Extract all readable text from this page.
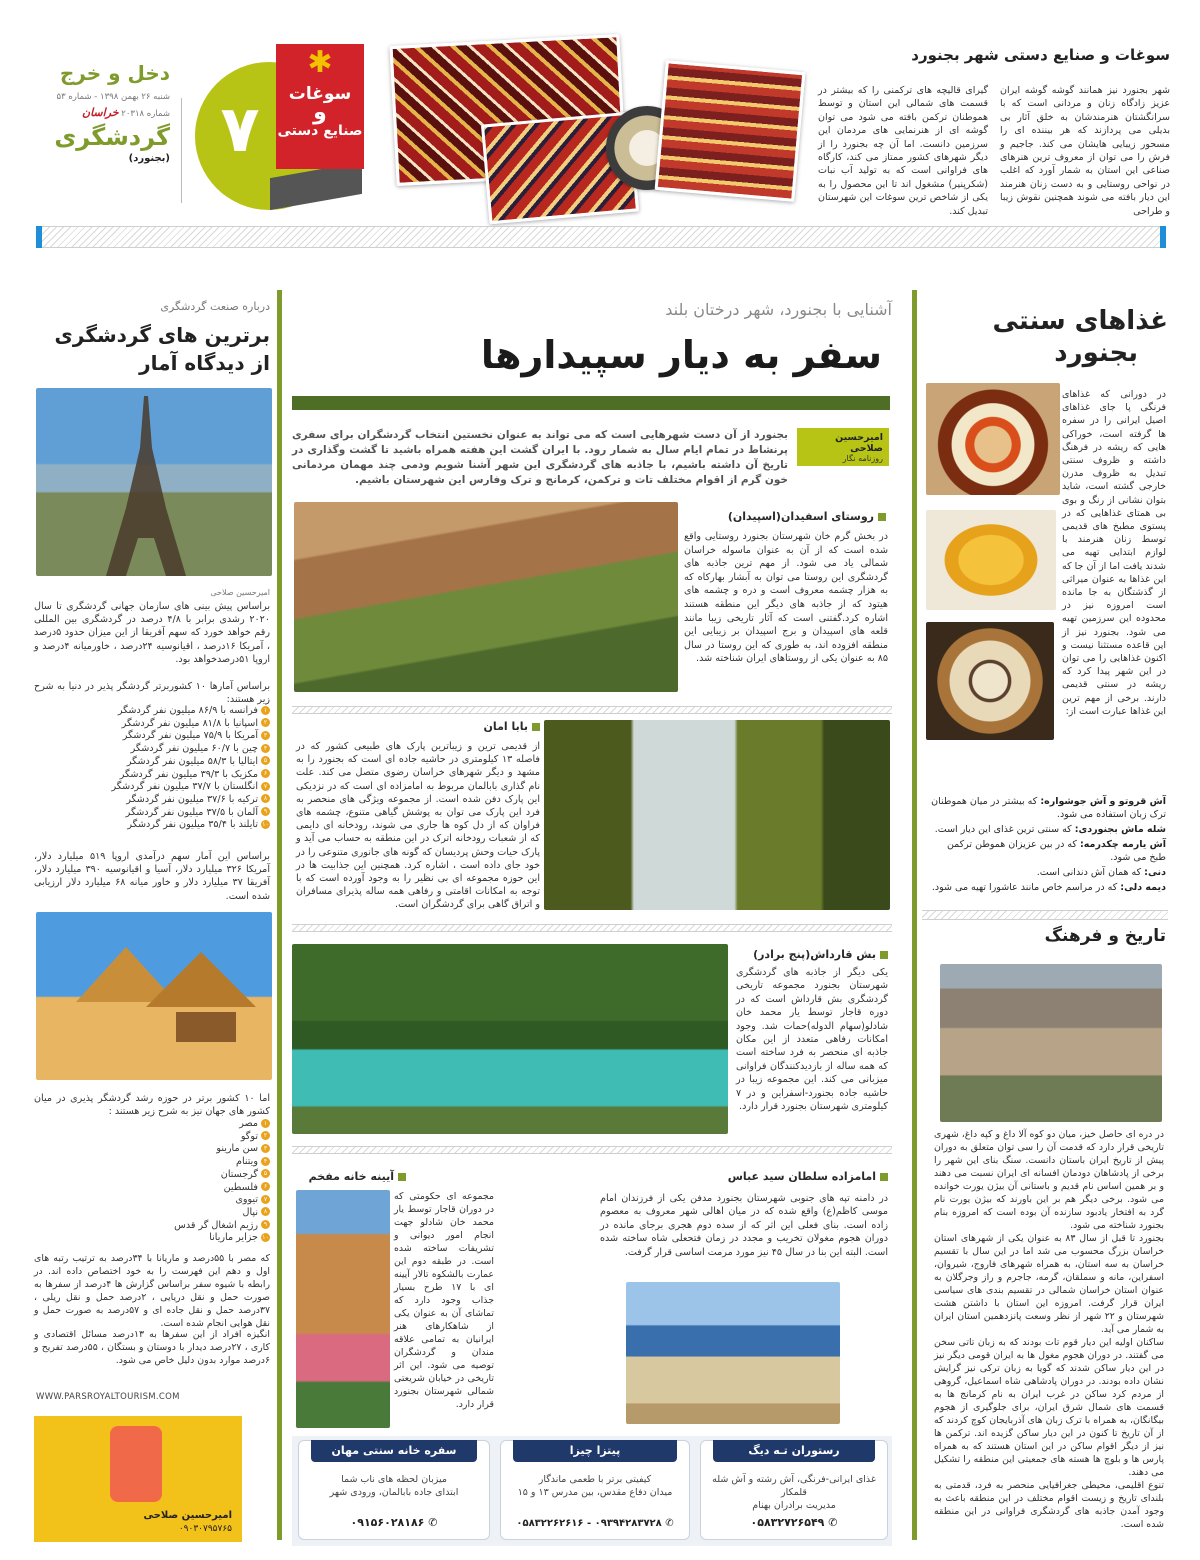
دخل و خرج
شنبه ۲۶ بهمن ۱۳۹۸ - شماره ۵۳
شماره ۲۰۳۱۸ خراسان
گردشگری
(بجنورد) ۷
✱
سوغات
و
صنایع دستی
سوغات و صنایع دستی شهر بجنورد
شهر بجنورد نیز همانند گوشه گوشه ایران عزیز زادگاه زنان و مردانی است که با سرانگشتان هنرمندشان به خلق آثار بی بدیلی می پردازند که هر بیننده ای را مسحور زیبایی هایشان می کند. جاجیم و فرش را می توان از معروف ترین هنرهای صناعی این استان به شمار آورد که اغلب در نواحی روستایی و به دست زنان هنرمند این دیار بافته می شوند همچنین نقوش زیبا و طراحی
گیرای قالیچه های ترکمنی را که بیشتر در قسمت های شمالی این استان و توسط هموطنان ترکمن بافته می شود می توان گوشه ای از هنرنمایی های مردمان این سرزمین دانست. اما آن چه بجنورد را از دیگر شهرهای کشور ممتاز می کند، کارگاه های فراوانی است که به تولید آب نبات (شکرپنیر) مشغول اند تا این محصول را به یکی از شاخص ترین سوغات این شهرستان تبدیل کند.
غذاهای سنتی
بجنورد
در دورانی که غذاهای فرنگی پا جای غذاهای اصیل ایرانی را در سفره ها گرفته است، خوراکی هایی که ریشه در فرهنگ داشته و ظروف سنتی تبدیل به ظروف مدرن خارجی گشته است، شاید بتوان نشانی از رنگ و بوی بی همتای غذاهایی که در پستوی مطبخ های قدیمی توسط زنان هنرمند با لوازم ابتدایی تهیه می شدند یافت اما از آن جا که این غذاها به عنوان میراثی از گذشتگان به جا مانده است امروزه نیز در محدوده این سرزمین تهیه می شود. بجنورد نیز از این قاعده مستثنا نیست و اکنون غذاهایی را می توان در این شهر پیدا کرد که ریشه در سنتی قدیمی دارند. برخی از مهم ترین این غذاها عبارت است از:
آش قروتو و آش جوشواره: که بیشتر در میان هموطنان ترک زبان استفاده می شود.
شله ماش بجنوردی: که سنتی ترین غذای این دیار است.
آش یارمه چکدرمه: که در بین عزیزان هموطن ترکمن طبخ می شود.
دنی: که همان آش دندانی است.
دیمه دلی: که در مراسم خاص مانند عاشورا تهیه می شود.
تاریخ و فرهنگ

در دره ای حاصل خیز، میان دو کوه آلا داغ و کپه داغ، شهری تاریخی قرار دارد که قدمت آن را سی توان متعلق به دوران پیش از تاریخ ایران باستان دانست. سنگ بنای این شهر را برخی از پادشاهان دودمان افسانه ای ایران نسبت می دهند و بر همین اساس نام قدیم و باستانی آن بیژن یورت خوانده می شود. برخی دیگر هم بر این باورند که بیژن یورت نام گرد به افتخار یادبود سازنده آن بوده است که امروزه بنام بجنورد شناخته می شود.

بجنورد تا قبل از سال ۸۳ به عنوان یکی از شهرهای استان خراسان بزرگ محسوب می شد اما در این سال با تقسیم خراسان به سه استان، به همراه شهرهای فاروج، شیروان، اسفراین، مانه و سملقان، گرمه، جاجرم و راز وجرگلان به عنوان استان خراسان شمالی در تقسیم بندی های سیاسی ایران قرار گرفت. امروزه این استان با داشتن هشت شهرستان و ۲۲ شهر از نظر وسعت پانزدهمین استان ایران به شمار می آید.

ساکنان اولیه این دیار قوم تات بودند که به زبان تاتی سخن می گفتند. در دوران هجوم مغول ها به ایران قومی دیگر نیز در این دیار ساکن شدند که گویا به زبان ترکی نیز گرایش نشان داده بودند. در دوران پادشاهی شاه اسماعیل، گروهی از مردم کرد ساکن در غرب ایران به نام کرمانج ها به قسمت های شمال شرق ایران، برای جلوگیری از هجوم بیگانگان، به همراه با ترک زبان های آذربایجان کوچ کردند که از آن تاریخ تا کنون در این دیار ساکن گزیده اند. ترکمن ها نیز از دیگر اقوام ساکن در این استان هستند که به همراه پارس ها و بلوچ ها هسته های جمعیتی این منطقه را تشکیل می دهند.

تنوع اقلیمی، محیطی جغرافیایی منحصر به فرد، قدمتی به بلندای تاریخ و زیست اقوام مختلف در این منطقه باعث به وجود آمدن جاذبه های گردشگری فراوانی در این منطقه شده است.

آشنایی با بجنورد، شهر درختان بلند
سفر به دیار سپیدارها
امیرحسین صلاحی
روزنامه نگار
بجنورد از آن دست شهرهایی است که می تواند به عنوان نخستین انتخاب گردشگران برای سفری پرنشاط در تمام ایام سال به شمار رود. با ایران گشت این هفته همراه باشید تا گشت وگذاری در تاریخ آن داشته باشیم، با جاذبه های گردشگری این شهر آشنا شویم ودمی چند مهمان مردمانی خون گرم از اقوام مختلف تات و ترکمن، کرمانج و ترک وفارس این شهرستان باشیم.
روستای اسفیدان(اسپیدان)
در بخش گرم خان شهرستان بجنورد روستایی واقع شده است که از آن به عنوان ماسوله خراسان شمالی یاد می شود. از مهم ترین جاذبه های گردشگری این روستا می توان به آبشار بهارکاه که به هزار چشمه معروف است و دره و چشمه های هیتود که از جاذبه های دیگر این منطقه هستند اشاره کرد.گفتنی است که آثار تاریخی زیبا مانند قلعه های اسپیدان و برج اسپیدان بر زیبایی این منطقه افزوده اند، به طوری که این روستا در سال ۸۵ به عنوان یکی از روستاهای ایران شناخته شد.
بابا امان
از قدیمی ترین و زیباترین پارک های طبیعی کشور که در فاصله ۱۳ کیلومتری در حاشیه جاده ای است که بجنورد را به مشهد و دیگر شهرهای خراسان رضوی متصل می کند. علت نام گذاری بابالمان مربوط به امامزاده ای است که در نزدیکی این پارک دفن شده است. از مجموعه ویژگی های منحصر به فرد این پارک می توان به پوشش گیاهی متنوع، چشمه های فراوان که از دل کوه ها جاری می شوند، رودخانه ای دایمی که از شعبات رودخانه اترک در این منطقه به حساب می آید و پارک حیات وحش پردیسان که گونه های جانوری متنوعی را در خود جای داده است ، اشاره کرد. همچنین این جذابیت ها در این حوزه مجموعه ای بی نظیر را به وجود آورده است که با توجه به امکانات اقامتی و رفاهی همه ساله پذیرای مسافران و اتراق گاهی برای گردشگران است.
بش قارداش(پنج برادر)
یکی دیگر از جاذبه های گردشگری شهرستان بجنورد مجموعه تاریخی گردشگری بش قارداش است که در دوره قاجار توسط یار محمد خان شادلو(سهام الدوله)حمات شد. وجود امکانات رفاهی متعدد از این مکان جاذبه ای منحصر به فرد ساخته است که همه ساله از بازدیدکنندگان فراوانی میزبانی می کند. این مجموعه زیبا در حاشیه جاده بجنورد-اسفراین و در ۷ کیلومتری شهرستان بجنورد قرار دارد.
امامزاده سلطان سید عباس
در دامنه تپه های جنوبی شهرستان بجنورد مدفن یکی از فرزندان امام موسی کاظم(ع) واقع شده که در میان اهالی شهر معروف به معصوم زاده است. بنای فعلی این اثر که از سده دوم هجری برجای مانده در دوران هجوم مغولان تخریب و مجدد در زمان فتحعلی شاه ساخته شده است. البته این بنا در سال ۴۵ نیز مورد مرمت اساسی قرار گرفت.
آیینه خانه مفخم
مجموعه ای حکومتی که در دوران قاجار توسط یار محمد خان شادلو جهت انجام امور دیوانی و تشریفات ساخته شده است. در طبقه دوم این عمارت بالشکوه تالار آیینه ای با ۱۷ طرح بسیار جذاب وجود دارد که تماشای آن به عنوان یکی از شاهکارهای هنر ایرانیان به تمامی علاقه مندان و گردشگران توصیه می شود. این اثر تاریخی در خیابان شریعتی شمالی شهرستان بجنورد قرار دارد.
رستوران تـه دیگ
غذای ایرانی-فرنگی، آش رشته و آش شله قلمکار
مدیریت برادران بهنام
✆ ۰۵۸۳۲۷۲۶۵۴۹
پیتزا چیزا
کیفیتی برتر با طعمی ماندگار
میدان دفاع مقدس، بین مدرس ۱۳ و ۱۵
✆ ۰۹۳۹۴۲۸۳۷۲۸ - ۰۵۸۳۲۲۶۲۶۱۶
سفره خانه سنتی مهان
میزبان لحظه های ناب شما
ابتدای جاده بابالمان، ورودی شهر
✆ ۰۹۱۵۶۰۲۸۱۸۶
درباره صنعت گردشگری
برترین های گردشگری
از دیدگاه آمار
امیرحسین صلاحی
براساس پیش بینی های سازمان جهانی گردشگری تا سال ۲۰۲۰ رشدی برابر با ۴/۸ درصد در گردشگری بین المللی رقم خواهد خورد که سهم آفریقا از این میزان حدود ۵درصد ، آمریکا ۱۶درصد ، اقیانوسیه ۲۴درصد ، خاورمیانه ۴درصد و اروپا ۵۱درصدخواهد بود.
براساس آمارها ۱۰ کشوربرتر گردشگر پذیر در دنیا به شرح زیر هستند:
۱فرانسه با ۸۶/۹ میلیون نفر گردشگر
۲اسپانیا با ۸۱/۸ میلیون نفر گردشگر
۳آمریکا با ۷۵/۹ میلیون نفر گردشگر
۴چین با ۶۰/۷ میلیون نفر گردشگر
۵ایتالیا با ۵۸/۳ میلیون نفر گردشگر
۶مکزیک با ۳۹/۳ میلیون نفر گردشگر
۷انگلستان با ۳۷/۷ میلیون نفر گردشگر
۸ترکیه با ۳۷/۶ میلیون نفر گردشگر
۹آلمان با ۳۷/۵ میلیون نفر گردشگر
۱۰تایلند با ۳۵/۴ میلیون نفر گردشگر
براساس این آمار سهم درآمدی اروپا ۵۱۹ میلیارد دلار، آمریکا ۳۲۶ میلیارد دلار، آسیا و اقیانوسیه ۳۹۰ میلیارد دلار، آفریقا ۳۷ میلیارد دلار و خاور میانه ۶۸ میلیارد دلار ارزیابی شده است.
اما ۱۰ کشور برتر در حوزه رشد گردشگر پذیری در میان کشور های جهان نیز به شرح زیر هستند :
۱مصر
۲توگو
۳سن مارینو
۴ویتنام
۵گرجستان
۶فلسطین
۷تیووی
۸نپال
۹رژیم اشغال گر قدس
۱۰جزایر ماریانا
که مصر با ۵۵درصد و ماریانا با ۳۴درصد به ترتیب رتبه های اول و دهم این فهرست را به خود اختصاص داده اند. در رابطه با شیوه سفر براساس گزارش ها ۴درصد از سفرها به صورت حمل و نقل دریایی ، ۲درصد حمل و نقل ریلی ، ۳۷درصد حمل و نقل جاده ای و ۵۷درصد به صورت حمل و نقل هوایی انجام شده است.
انگیزه افراد از این سفرها به ۱۳درصد مسائل اقتصادی و کاری ، ۲۷درصد دیدار با دوستان و بستگان ، ۵۵درصد تفریح و ۶درصد موارد بدون دلیل خاص می شود.
WWW.PARSROYALTOURISM.COM
امیرحسین صلاحی
۰۹۰۳۰۷۹۵۷۶۵
